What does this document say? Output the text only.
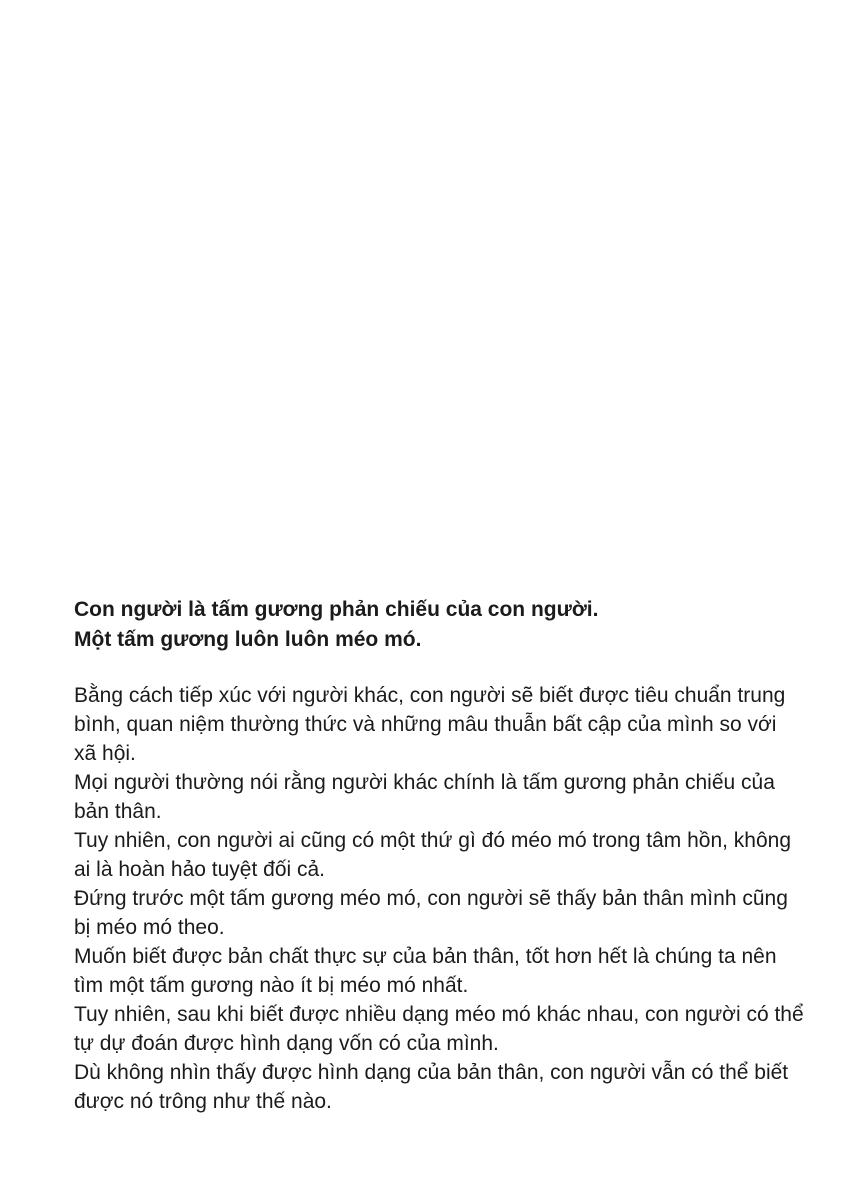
Con người là tấm gương phản chiếu của con người.
Một tấm gương luôn luôn méo mó.
Bằng cách tiếp xúc với người khác, con người sẽ biết được tiêu chuẩn trung
bình, quan niệm thường thức và những mâu thuẫn bất cập của mình so với
xã hội.
Mọi người thường nói rằng người khác chính là tấm gương phản chiếu của
bản thân.
Tuy nhiên, con người ai cũng có một thứ gì đó méo mó trong tâm hồn, không
ai là hoàn hảo tuyệt đối cả.
Đứng trước một tấm gương méo mó, con người sẽ thấy bản thân mình cũng
bị méo mó theo.
Muốn biết được bản chất thực sự của bản thân, tốt hơn hết là chúng ta nên
tìm một tấm gương nào ít bị méo mó nhất.
Tuy nhiên, sau khi biết được nhiều dạng méo mó khác nhau, con người có thể
tự dự đoán được hình dạng vốn có của mình.
Dù không nhìn thấy được hình dạng của bản thân, con người vẫn có thể biết
được nó trông như thế nào.
